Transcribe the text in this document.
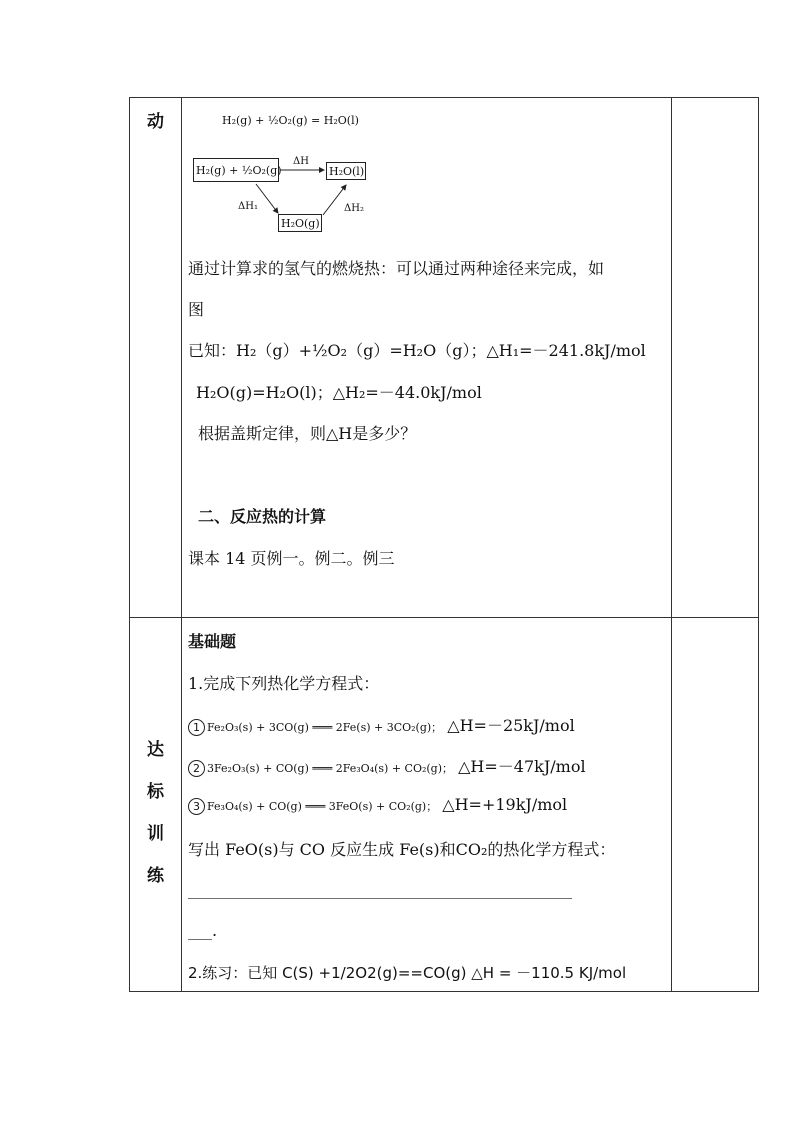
动
达
标
训
练
H₂(g) + ½O₂(g) = H₂O(l)
H₂(g) + ½O₂(g)	H₂O(l)
H₂O(g)
ΔH
ΔH₁	ΔH₂
通过计算求的氢气的燃烧热：可以通过两种途径来完成，如
图
已知：H₂（g）+½O₂（g）=H₂O（g）；△H₁=－241.8kJ/mol
H₂O(g)=H₂O(l)；△H₂=－44.0kJ/mol
根据盖斯定律，则△H是多少？
二、反应热的计算
课本 14 页例一。例二。例三
基础题
1.完成下列热化学方程式：
1 Fe₂O₃(s) + 3CO(g) ═══ 2Fe(s) + 3CO₂(g)； △H=－25kJ/mol
2 3Fe₂O₃(s) + CO(g) ═══ 2Fe₃O₄(s) + CO₂(g)； △H=－47kJ/mol
3 Fe₃O₄(s) + CO(g) ═══ 3FeO(s) + CO₂(g)； △H=+19kJ/mol
写出 FeO(s)与 CO 反应生成 Fe(s)和CO₂的热化学方程式：
________________________________________________
___.
2.练习：已知 C(S) +1/2O2(g)==CO(g) △H = －110.5 KJ/mol
